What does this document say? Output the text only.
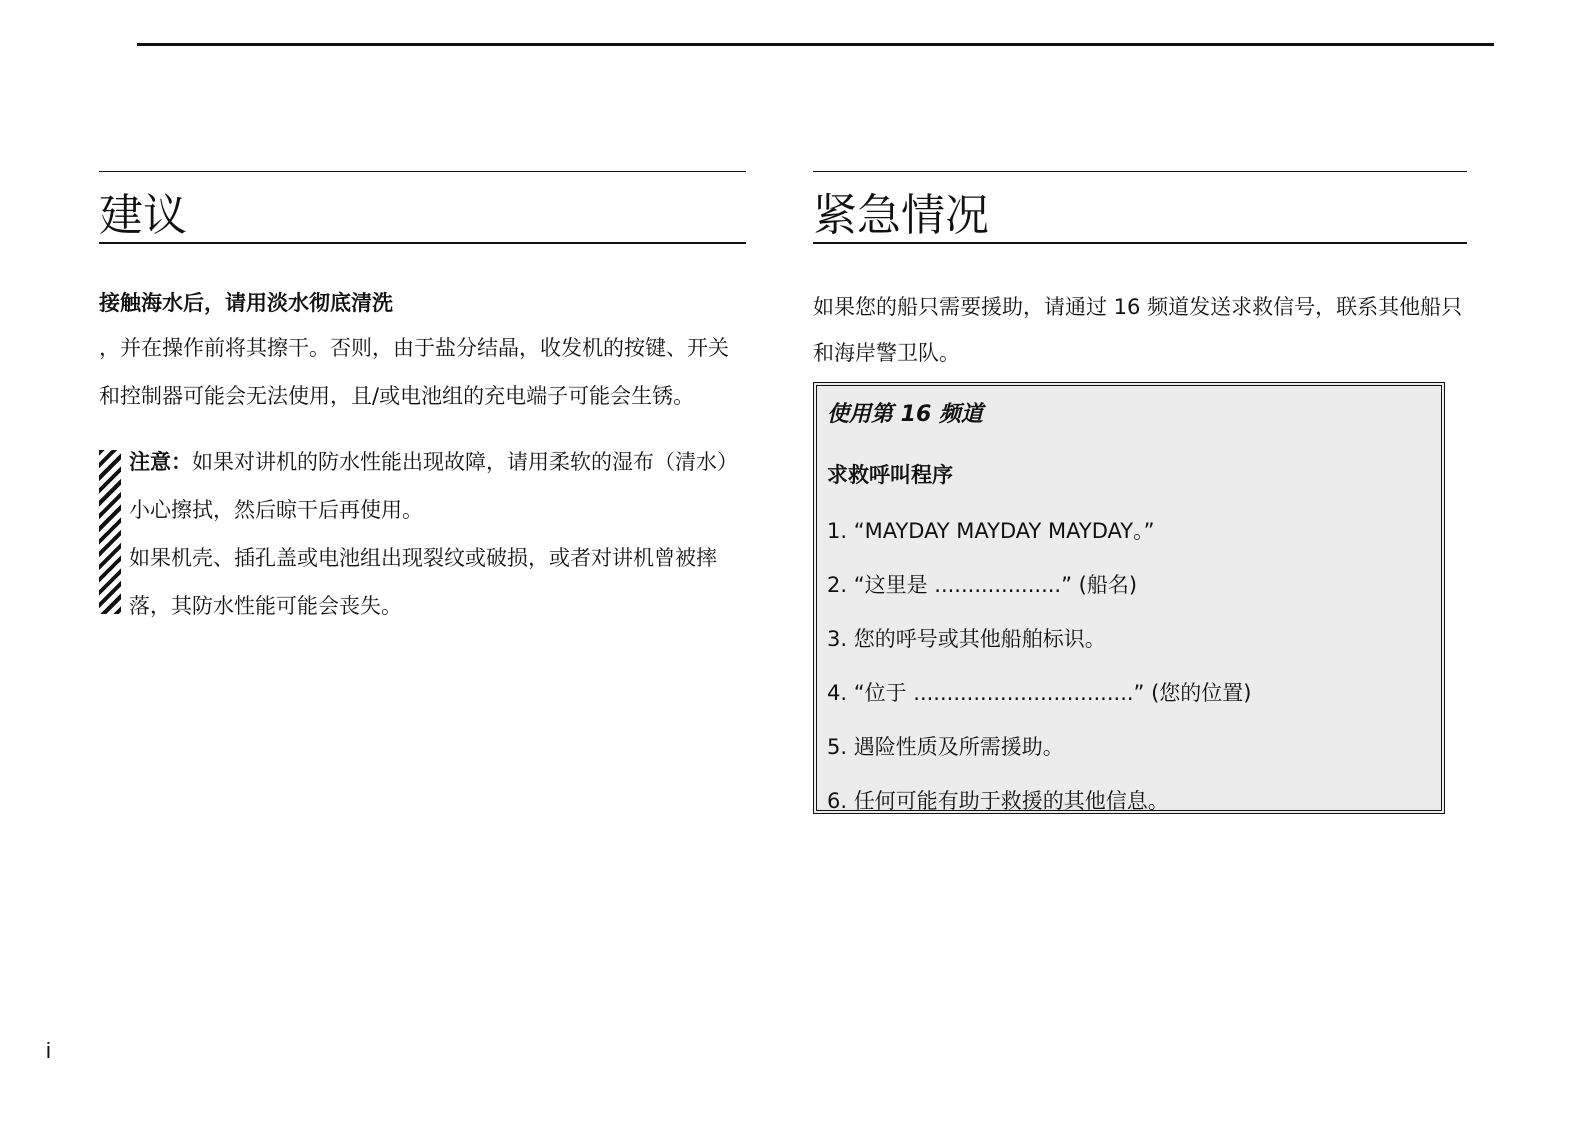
建议

接触海水后，请用淡水彻底清洗

，并在操作前将其擦干。否则，由于盐分结晶，收发机的按键、开关和控制器可能会无法使用，且/或电池组的充电端子可能会生锈。

注意：如果对讲机的防水性能出现故障，请用柔软的湿布（清水）小心擦拭，然后晾干后再使用。

如果机壳、插孔盖或电池组出现裂纹或破损，或者对讲机曾被摔落，其防水性能可能会丧失。

紧急情况

如果您的船只需要援助，请通过 16 频道发送求救信号，联系其他船只和海岸警卫队。

使用第 16 频道

求救呼叫程序

1. “MAYDAY MAYDAY MAYDAY。”
2. “这里是 ...................” (船名)
3. 您的呼号或其他船舶标识。
4. “位于 .................................” (您的位置)
5. 遇险性质及所需援助。
6. 任何可能有助于救援的其他信息。
i
